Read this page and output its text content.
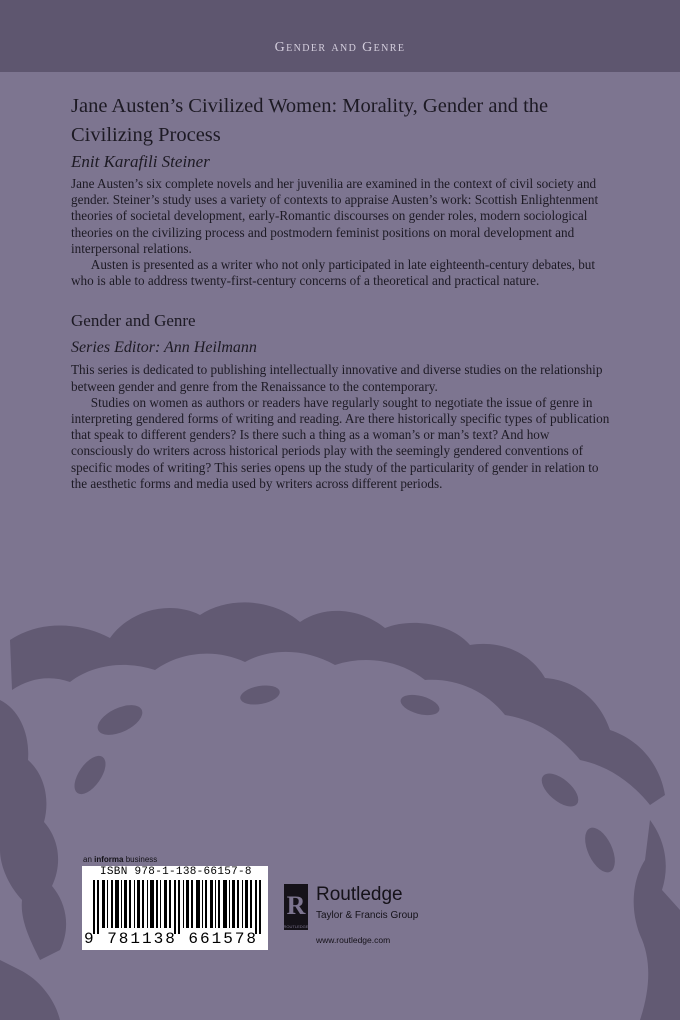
Gender and Genre
Jane Austen’s Civilized Women: Morality, Gender and the Civilizing Process
Enit Karafili Steiner

Jane Austen’s six complete novels and her juvenilia are examined in the context of civil society and gender. Steiner’s study uses a variety of contexts to appraise Austen’s work: Scottish Enlightenment theories of societal development, early-Romantic discourses on gender roles, modern sociological theories on the civilizing process and postmodern feminist positions on moral development and interpersonal relations.

Austen is presented as a writer who not only participated in late eighteenth-century debates, but who is able to address twenty-first-century concerns of a theoretical and practical nature.

Gender and Genre
Series Editor: Ann Heilmann

This series is dedicated to publishing intellectually innovative and diverse studies on the relationship between gender and genre from the Renaissance to the contemporary.

Studies on women as authors or readers have regularly sought to negotiate the issue of genre in interpreting gendered forms of writing and reading. Are there historically specific types of publication that speak to different genders? Is there such a thing as a woman’s or man’s text? And how consciously do writers across historical periods play with the seemingly gendered conventions of specific modes of writing? This series opens up the study of the particularity of gender in relation to the aesthetic forms and media used by writers across different periods.

an informa business
ISBN 978-1-138-66157-8
9 781138 661578
R
ROUTLEDGE
Routledge
Taylor & Francis Group
www.routledge.com
